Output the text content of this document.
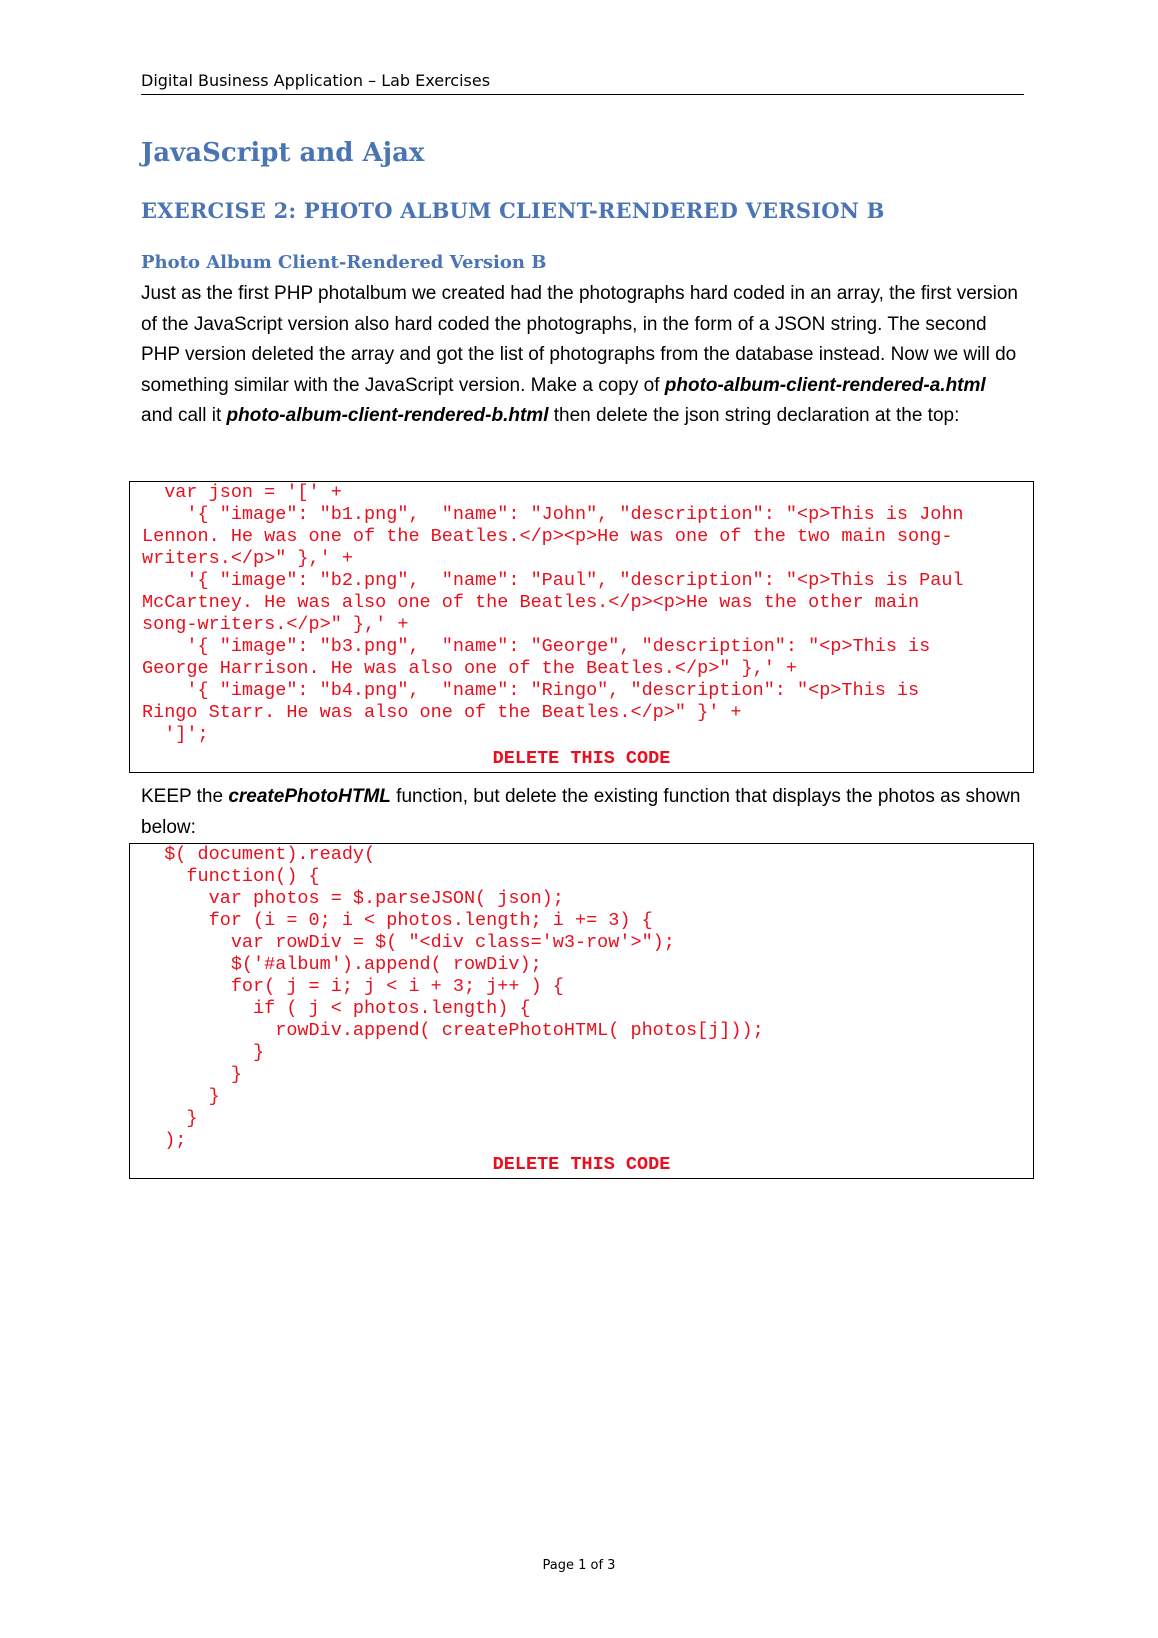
Digital Business Application – Lab Exercises
JavaScript and Ajax
EXERCISE 2: PHOTO ALBUM CLIENT-RENDERED VERSION B
Photo Album Client-Rendered Version B

Just as the first PHP photalbum we created had the photographs hard coded in an array, the first version of the JavaScript version also hard coded the photographs, in the form of a JSON string. The second PHP version deleted the array and got the list of photographs from the database instead. Now we will do something similar with the JavaScript version. Make a copy of photo-album-client-rendered-a.html and call it photo-album-client-rendered-b.html then delete the json string declaration at the top:

var json = '[' +
'{ "image": "b1.png",  "name": "John", "description": "<p>This is John
Lennon. He was one of the Beatles.</p><p>He was one of the two main song-
writers.</p>" },' +
'{ "image": "b2.png",  "name": "Paul", "description": "<p>This is Paul
McCartney. He was also one of the Beatles.</p><p>He was the other main
song-writers.</p>" },' +
'{ "image": "b3.png",  "name": "George", "description": "<p>This is
George Harrison. He was also one of the Beatles.</p>" },' +
'{ "image": "b4.png",  "name": "Ringo", "description": "<p>This is
Ringo Starr. He was also one of the Beatles.</p>" }' +
']';
DELETE THIS CODE

KEEP the createPhotoHTML function, but delete the existing function that displays the photos as shown below:

$( document).ready(
function() {
var photos = $.parseJSON( json);
for (i = 0; i < photos.length; i += 3) {
var rowDiv = $( "<div class='w3-row'>");
$('#album').append( rowDiv);
for( j = i; j < i + 3; j++ ) {
if ( j < photos.length) {
rowDiv.append( createPhotoHTML( photos[j]));
}
}
}
}
);
DELETE THIS CODE
Page 1 of 3
